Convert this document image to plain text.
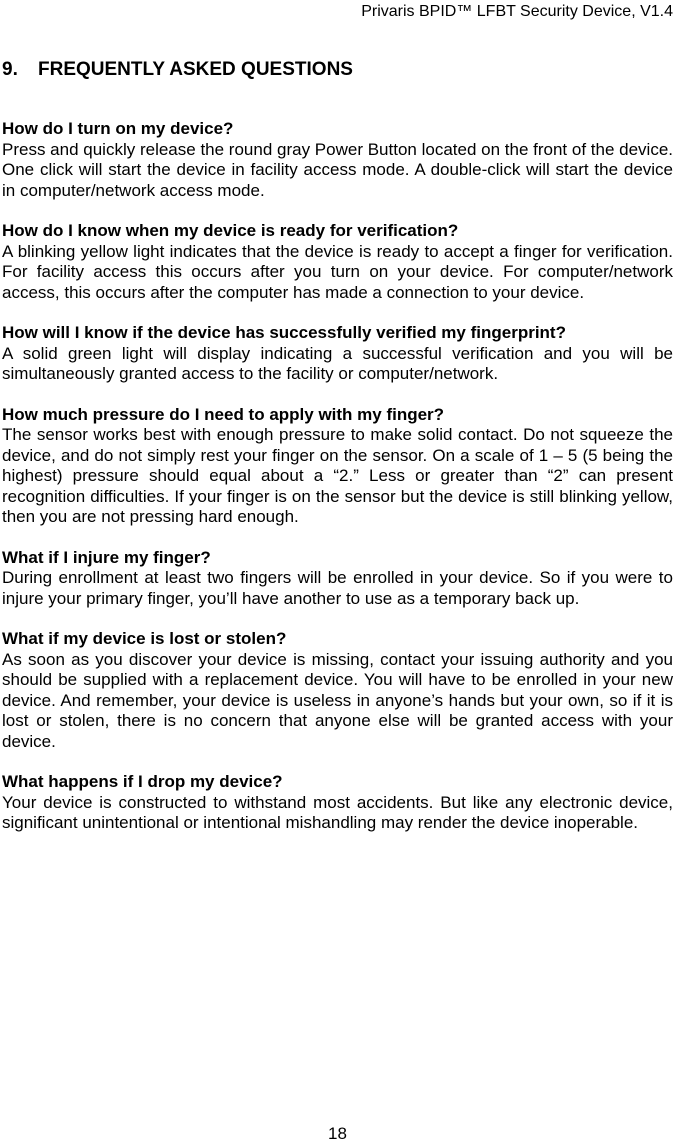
Privaris BPID™ LFBT Security Device, V1.4
9. FREQUENTLY ASKED QUESTIONS

How do I turn on my device?

Press and quickly release the round gray Power Button located on the front of the device. One click will start the device in facility access mode. A double-click will start the device in computer/network access mode.

How do I know when my device is ready for verification?

A blinking yellow light indicates that the device is ready to accept a finger for verification. For facility access this occurs after you turn on your device. For computer/network access, this occurs after the computer has made a connection to your device.

How will I know if the device has successfully verified my fingerprint?

A solid green light will display indicating a successful verification and you will be simultaneously granted access to the facility or computer/network.

How much pressure do I need to apply with my finger?

The sensor works best with enough pressure to make solid contact. Do not squeeze the device, and do not simply rest your finger on the sensor. On a scale of 1 – 5 (5 being the highest) pressure should equal about a “2.” Less or greater than “2” can present recognition difficulties. If your finger is on the sensor but the device is still blinking yellow, then you are not pressing hard enough.

What if I injure my finger?

During enrollment at least two fingers will be enrolled in your device. So if you were to injure your primary finger, you’ll have another to use as a temporary back up.

What if my device is lost or stolen?

As soon as you discover your device is missing, contact your issuing authority and you should be supplied with a replacement device. You will have to be enrolled in your new device. And remember, your device is useless in anyone’s hands but your own, so if it is lost or stolen, there is no concern that anyone else will be granted access with your device.

What happens if I drop my device?

Your device is constructed to withstand most accidents. But like any electronic device, significant unintentional or intentional mishandling may render the device inoperable.

18
